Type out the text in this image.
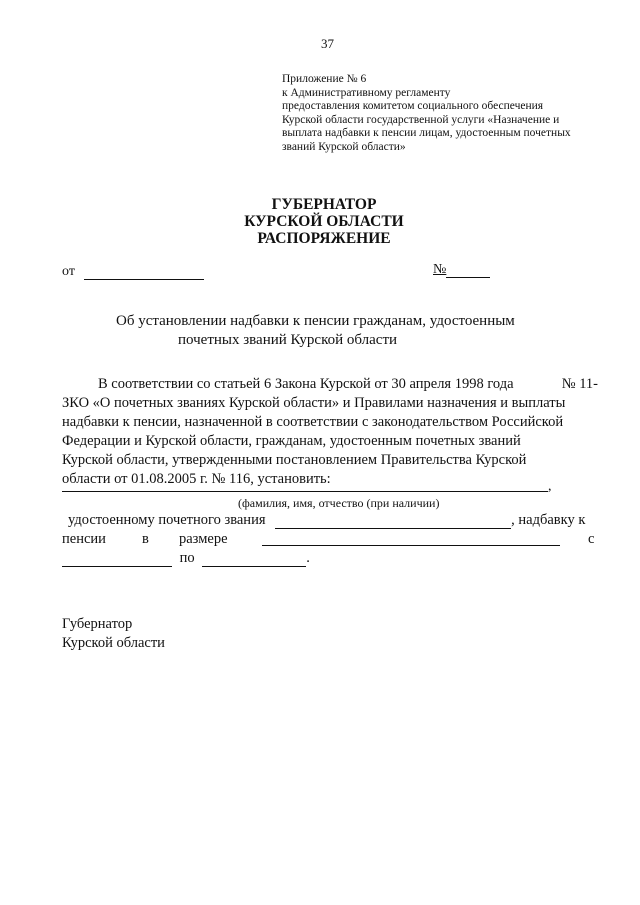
37
Приложение № 6
к Административному регламенту
предоставления комитетом социального обеспечения
Курской области государственной услуги «Назначение и
выплата надбавки к пенсии лицам, удостоенным почетных
званий Курской области»
ГУБЕРНАТОР
КУРСКОЙ ОБЛАСТИ
РАСПОРЯЖЕНИЕ
от	№
Об установлении надбавки к пенсии гражданам, удостоенным
почетных званий Курской области
В соответствии со статьей 6 Закона Курской от 30 апреля 1998 года	№ 11-
ЗКО «О почетных званиях Курской области» и Правилами назначения и выплаты
надбавки к пенсии, назначенной в соответствии с законодательством Российской
Федерации и Курской области, гражданам, удостоенным почетных званий
Курской области, утвержденными постановлением Правительства Курской
области от 01.08.2005 г. № 116, установить:	,
(фамилия, имя, отчество (при наличии)
удостоенному почетного звания	, надбавку к
пенсии в размере	с
по	.
Губернатор
Курской области
